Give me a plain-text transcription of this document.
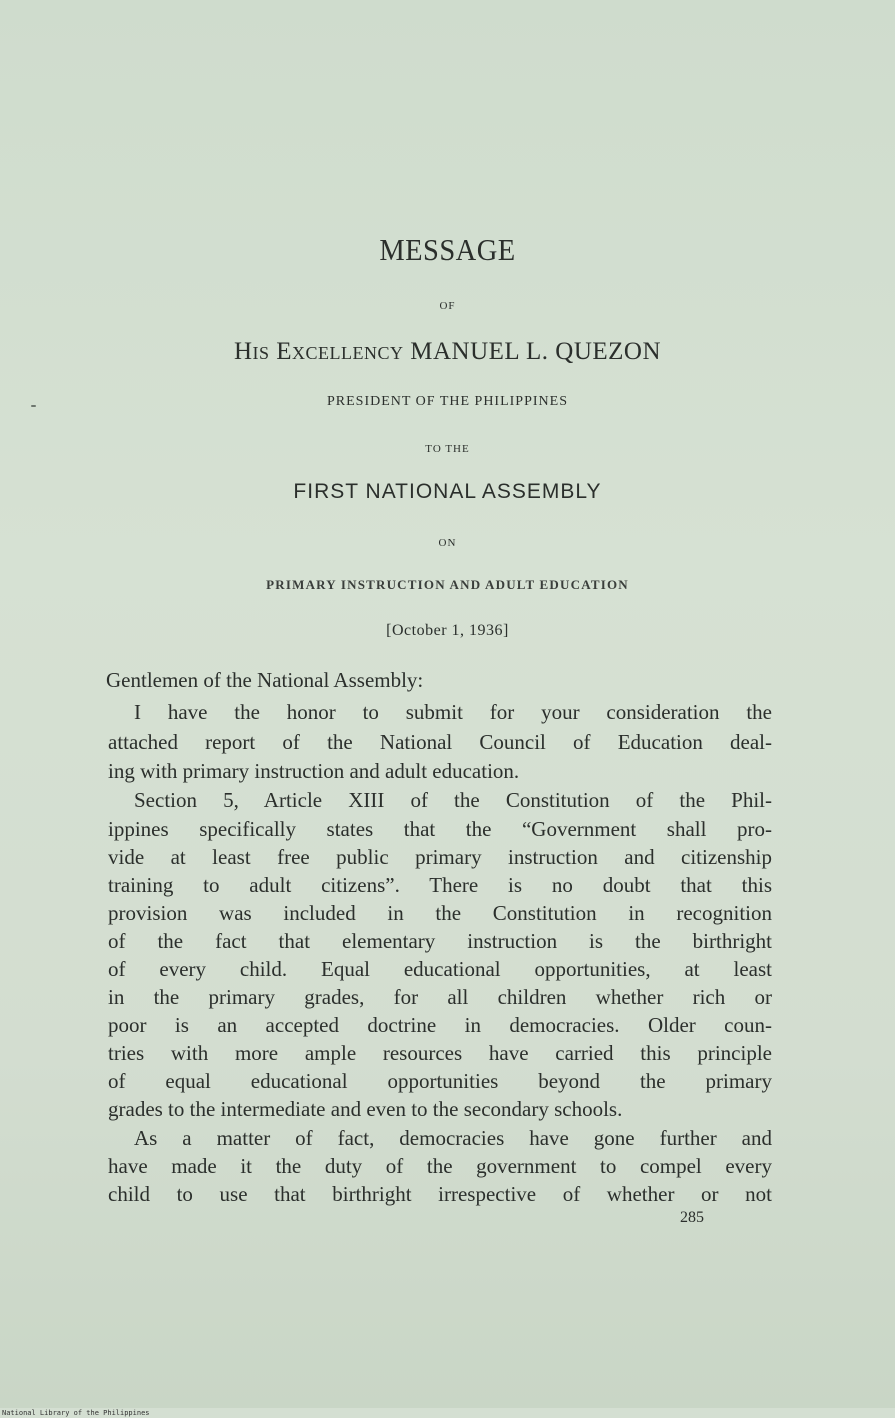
MESSAGE
OF
His Excellency MANUEL L. QUEZON
PRESIDENT OF THE PHILIPPINES
TO THE
FIRST NATIONAL ASSEMBLY
ON
PRIMARY INSTRUCTION AND ADULT EDUCATION
[October 1, 1936]
Gentlemen of the National Assembly:
I have the honor to submit for your consideration the
attached report of the National Council of Education deal-
ing with primary instruction and adult education.
Section 5, Article XIII of the Constitution of the Phil-
ippines specifically states that the “Government shall pro-
vide at least free public primary instruction and citizenship
training to adult citizens”. There is no doubt that this
provision was included in the Constitution in recognition
of the fact that elementary instruction is the birthright
of every child. Equal educational opportunities, at least
in the primary grades, for all children whether rich or
poor is an accepted doctrine in democracies. Older coun-
tries with more ample resources have carried this principle
of equal educational opportunities beyond the primary
grades to the intermediate and even to the secondary schools.
As a matter of fact, democracies have gone further and
have made it the duty of the government to compel every
child to use that birthright irrespective of whether or not
285
National Library of the Philippines
